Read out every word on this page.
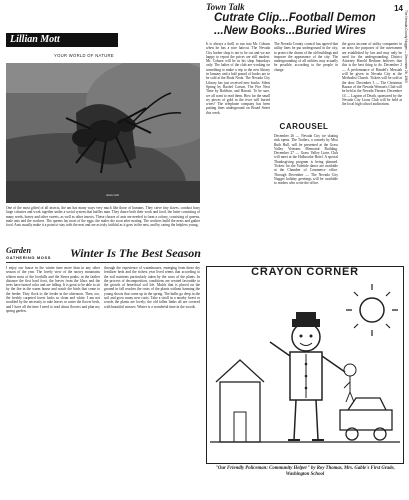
14
The Nevada County Nugget — December 26, 1963
Lillian Mott
YOUR WORLD OF NATURE
Alan Gill
One of the most gifted of all insects, the ant has many ways very much like those of humans. They carve tiny slaves, conduct busy large colonies and work together under a social system that baffles man. They dance both their work and food, the latter consisting of many seeds, honey and other sweets, as well as other insects. These classes of ants are needed to form a colony, consisting of queens, male ants and the workers. The queens lay most of the eggs; the males die soon after mating. The workers build the nests and gather food. Ants usually make it a point to stay with the nest and are as truly faithful as it goes in the nest, and by caring the helpless young.
Garden
GATHERING MOSS	Winter Is The Best Season
I enjoy our house in the winter time more than in any other season of the year. The lovely view of the snowy mountains whiten most of the foothills and the Sierra peaks; in the farther distance the first hard frost, the leaves from the lilacs and the trees have turned color and are falling. It is great to be able to sit by the fire in the warm house and watch the birds that come to the feeder. They flock to the feeder in the afternoon. Then, too, the freshly carpeted forest looks so clean and white. I am not troubled by the necessity to rake leaves or water the flower beds, and I have all the time I need to read about flowers and plan my spring garden.
through the experience of warmhouses, emerging from these dry fertilizer beds and the richest year lived seems that according to the soil nutrients particularly taken by the roots of the plants. In the process of decomposition, conditions are created favorable to the growth of beneficial soil life. Mulch that is placed on the ground in fall reaches the roots of the plants without harming the young shoots that come up in the spring. The bulbs go deep in the soil and grow many new roots. Take a stroll in a nearby forest or woods the plants are lovely; the old fallen limbs all are covered with beautiful mosses. Winter is a wonderful time in the woods.
Town Talk
Cutrate Clip...Football Demon
...New Books...Buried Wires
It is always a thrill to run into Mr. Coburn when he has a nice haircut. The Nevada City barber shop is not to be cut and we are happy to report the prices are still modest. Mr. Coburn will be in his shop Saturdays only. The ladies of the club are working on something to make a trip to the new library in January and a half pound of books are to be sold at the Book Nook. The Nevada City Library has just received new books: Silent Spring by Rachel Carson, The Fire Next Time by Baldwin, and Hawaii. To be sure, we all want to read them. How far the small try pieces of gold in the river will buried wires? The telephone company has been putting lines underground on Broad Street this week.
The Nevada County council has agreed that utility lines be put underground in the city, to protect the charm of the old buildings and improve the appearance of the city. The undergrounding of all utilities may actually be possible, according to the people in charge.
CAROUSEL
December 26 — Nevada City ice skating rink opens. The Trailers, a comedy by Miss Ruth Hull, will be presented at the Grass Valley Veterans Memorial Building. December 27 — Grass Valley Lions Club will meet at the Holbrooke Hotel. A special Thanksgiving program is being planned. Tickets for the Yuletide dance are available at the Chamber of Commerce office. Through December — The Nevada City Nugget holiday greetings will be available to readers who write the office.
the gross income of utility companies in an area; the purposes of the assessment are established by law and may only be used for the undergrounding. District Attorney Harold Berliner believes that this is the best thing to do. December 2 — A performance of Handel's Messiah will be given in Nevada City at the Methodist Church. Tickets will be sold at the door. December 3 — The Christmas Bazaar of the Nevada Woman's Club will be held at the Nevada Theatre. December 14 — Lagoon of Death, sponsored by the Nevada City Lions Club will be held at the local high school auditorium.
CRAYON CORNER
"Our Friendly Policeman: Community Helper" by Roy Thomas, Mrs. Gable's First Grade, Washington School
